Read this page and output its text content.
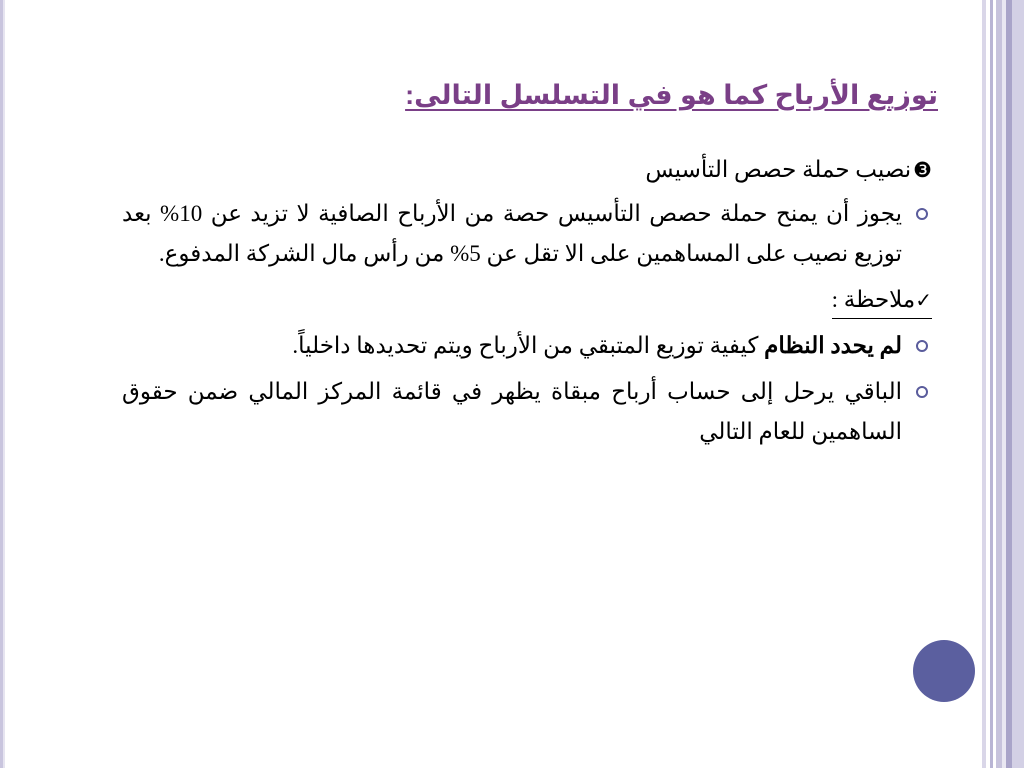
توزيع الأرباح كما هو في التسلسل التالى:
❸نصيب حملة حصص التأسيس
يجوز أن يمنح حملة حصص التأسيس حصة من الأرباح الصافية لا تزيد عن 10% بعد توزيع نصيب على المساهمين على الا تقل عن 5% من رأس مال الشركة المدفوع.
✓ملاحظة :
لم يحدد النظام كيفية توزيع المتبقي من الأرباح ويتم تحديدها داخلياً.
الباقي يرحل إلى حساب أرباح مبقاة يظهر في قائمة المركز المالي ضمن حقوق الساهمين للعام التالي
